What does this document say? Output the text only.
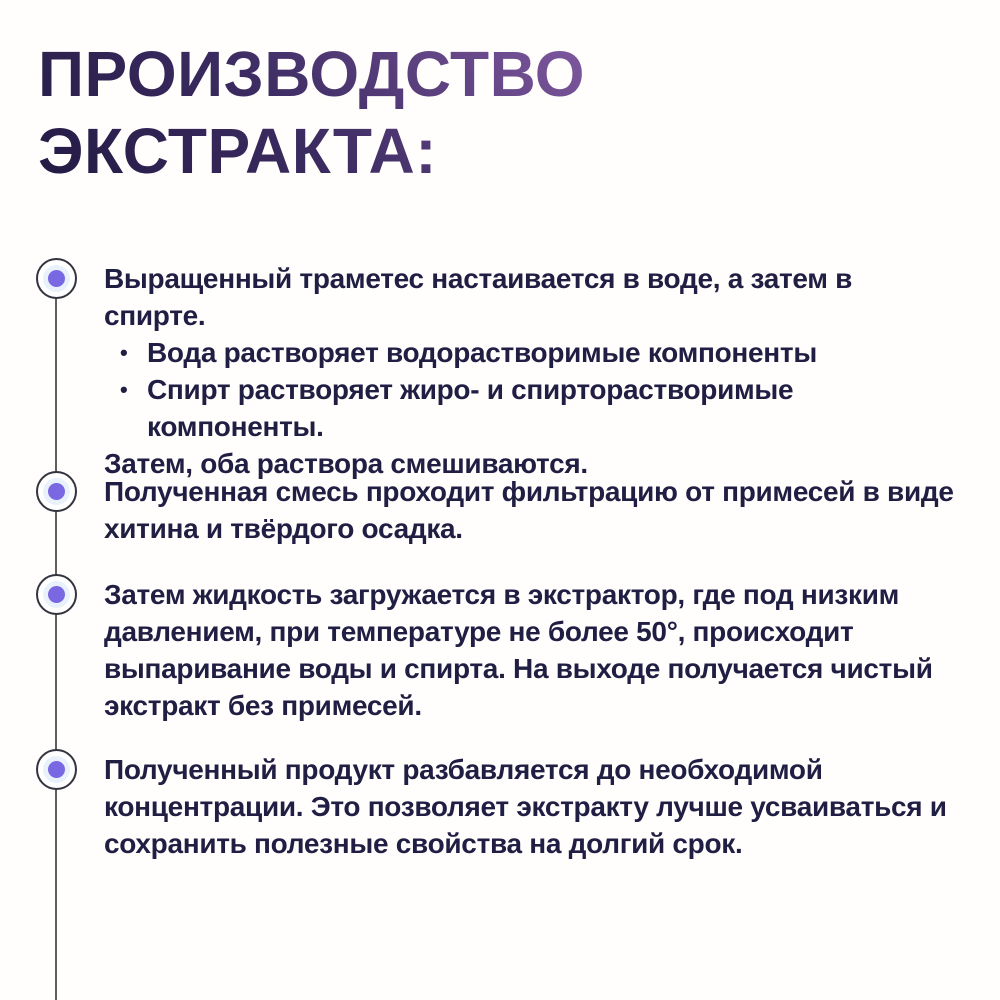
ПРОИЗВОДСТВО
ЭКСТРАКТА:

Выращенный траметес настаивается в воде, а затем в спирте.

• Вода растворяет водорастворимые компоненты
• Спирт растворяет жиро- и спирторастворимые компоненты.

Затем, оба раствора смешиваются.

Полученная смесь проходит фильтрацию от примесей в виде хитина и твёрдого осадка.

Затем жидкость загружается в экстрактор, где под низким давлением, при температуре не более 50°, происходит выпаривание воды и спирта. На выходе получается чистый экстракт без примесей.

Полученный продукт разбавляется до необходимой концентрации. Это позволяет экстракту лучше усваиваться и сохранить полезные свойства на долгий срок.
